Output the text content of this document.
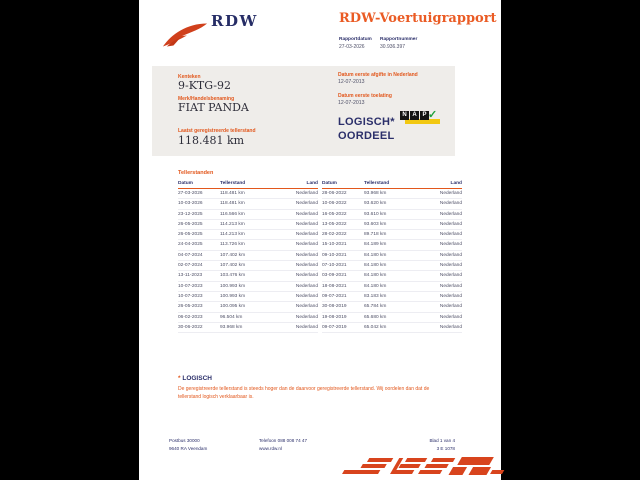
RDW	RDW-Voertuigrapport
Rapportdatum
27-03-2026
Rapportnummer
30.936.397
Kenteken
9-KTG-92
Merk/Handelsbenaming
FIAT PANDA
Laatst geregistreerde tellerstand
118.481 km
Datum eerste afgifte in Nederland
12-07-2013
Datum eerste toelating
12-07-2013
LOGISCH*
OORDEEL
N A P ✓
Tellerstanden
Datum	Tellerstand	Land
27-03-2026	118.481 km	Nederland
10-03-2026	118.481 km	Nederland
23-12-2025	116.566 km	Nederland
26-05-2025	114.213 km	Nederland
26-05-2025	114.213 km	Nederland
24-04-2025	113.726 km	Nederland
04-07-2024	107.402 km	Nederland
02-07-2024	107.402 km	Nederland
13-11-2023	103.476 km	Nederland
10-07-2023	100.993 km	Nederland
10-07-2023	100.993 km	Nederland
26-05-2023	100.095 km	Nederland
06-02-2023	96.504 km	Nederland
30-06-2022	93.968 km	Nederland
Datum	Tellerstand	Land
28-06-2022	93.968 km	Nederland
10-06-2022	93.620 km	Nederland
16-05-2022	93.610 km	Nederland
13-05-2022	93.603 km	Nederland
28-02-2022	89.718 km	Nederland
15-10-2021	84.189 km	Nederland
09-10-2021	84.180 km	Nederland
07-10-2021	84.180 km	Nederland
03-09-2021	84.180 km	Nederland
18-08-2021	84.180 km	Nederland
09-07-2021	83.183 km	Nederland
30-08-2019	65.784 km	Nederland
19-08-2019	65.680 km	Nederland
09-07-2019	65.042 km	Nederland
* LOGISCH
De geregistreerde tellerstand is steeds hoger dan de daarvoor geregistreerde tellerstand. Wij oordelen dan dat de tellerstand logisch verklaarbaar is.
Postbus 30000
9640 RA Veendam
Telefoon 088 008 74 47
www.rdw.nl
Blad 1 van 4
3 E 1078
